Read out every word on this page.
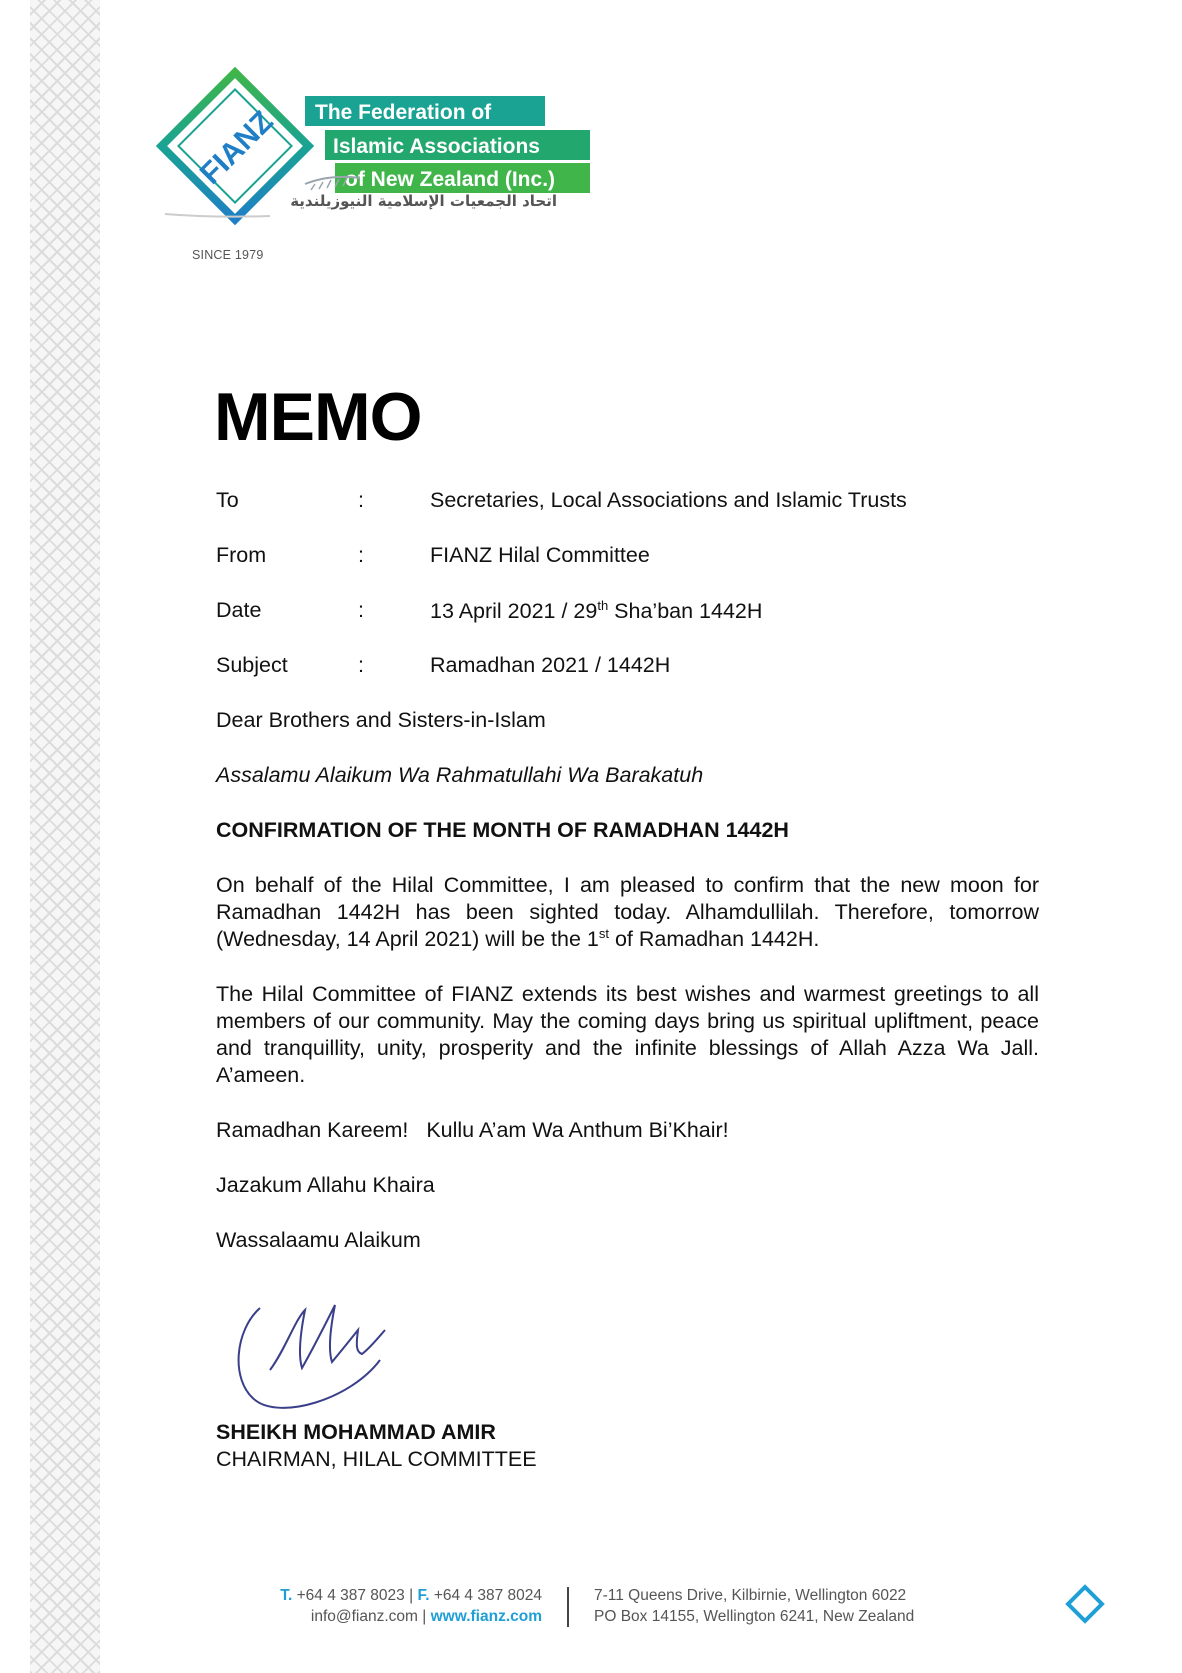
The Federation of
Islamic Associations
of New Zealand (Inc.)
FIANZ
اتحاد الجمعيات الإسلامية النيوزيلندية
SINCE 1979
MEMO
To	:	Secretaries, Local Associations and Islamic Trusts
From	:	FIANZ Hilal Committee
Date	:	13 April 2021 / 29th Sha’ban 1442H
Subject	:	Ramadhan 2021 / 1442H
Dear Brothers and Sisters-in-Islam
Assalamu Alaikum Wa Rahmatullahi Wa Barakatuh
CONFIRMATION OF THE MONTH OF RAMADHAN 1442H
On behalf of the Hilal Committee, I am pleased to confirm that the new moon for Ramadhan 1442H has been sighted today. Alhamdullilah. Therefore, tomorrow (Wednesday, 14 April 2021) will be the 1st of Ramadhan 1442H.
The Hilal Committee of FIANZ extends its best wishes and warmest greetings to all members of our community. May the coming days bring us spiritual upliftment, peace and tranquillity, unity, prosperity and the infinite blessings of Allah Azza Wa Jall. A’ameen.
Ramadhan Kareem!   Kullu A’am Wa Anthum Bi’Khair!
Jazakum Allahu Khaira
Wassalaamu Alaikum
SHEIKH MOHAMMAD AMIR
CHAIRMAN, HILAL COMMITTEE
T. +64 4 387 8023 | F. +64 4 387 8024
info@fianz.com | www.fianz.com
7-11 Queens Drive, Kilbirnie, Wellington 6022
PO Box 14155, Wellington 6241, New Zealand
